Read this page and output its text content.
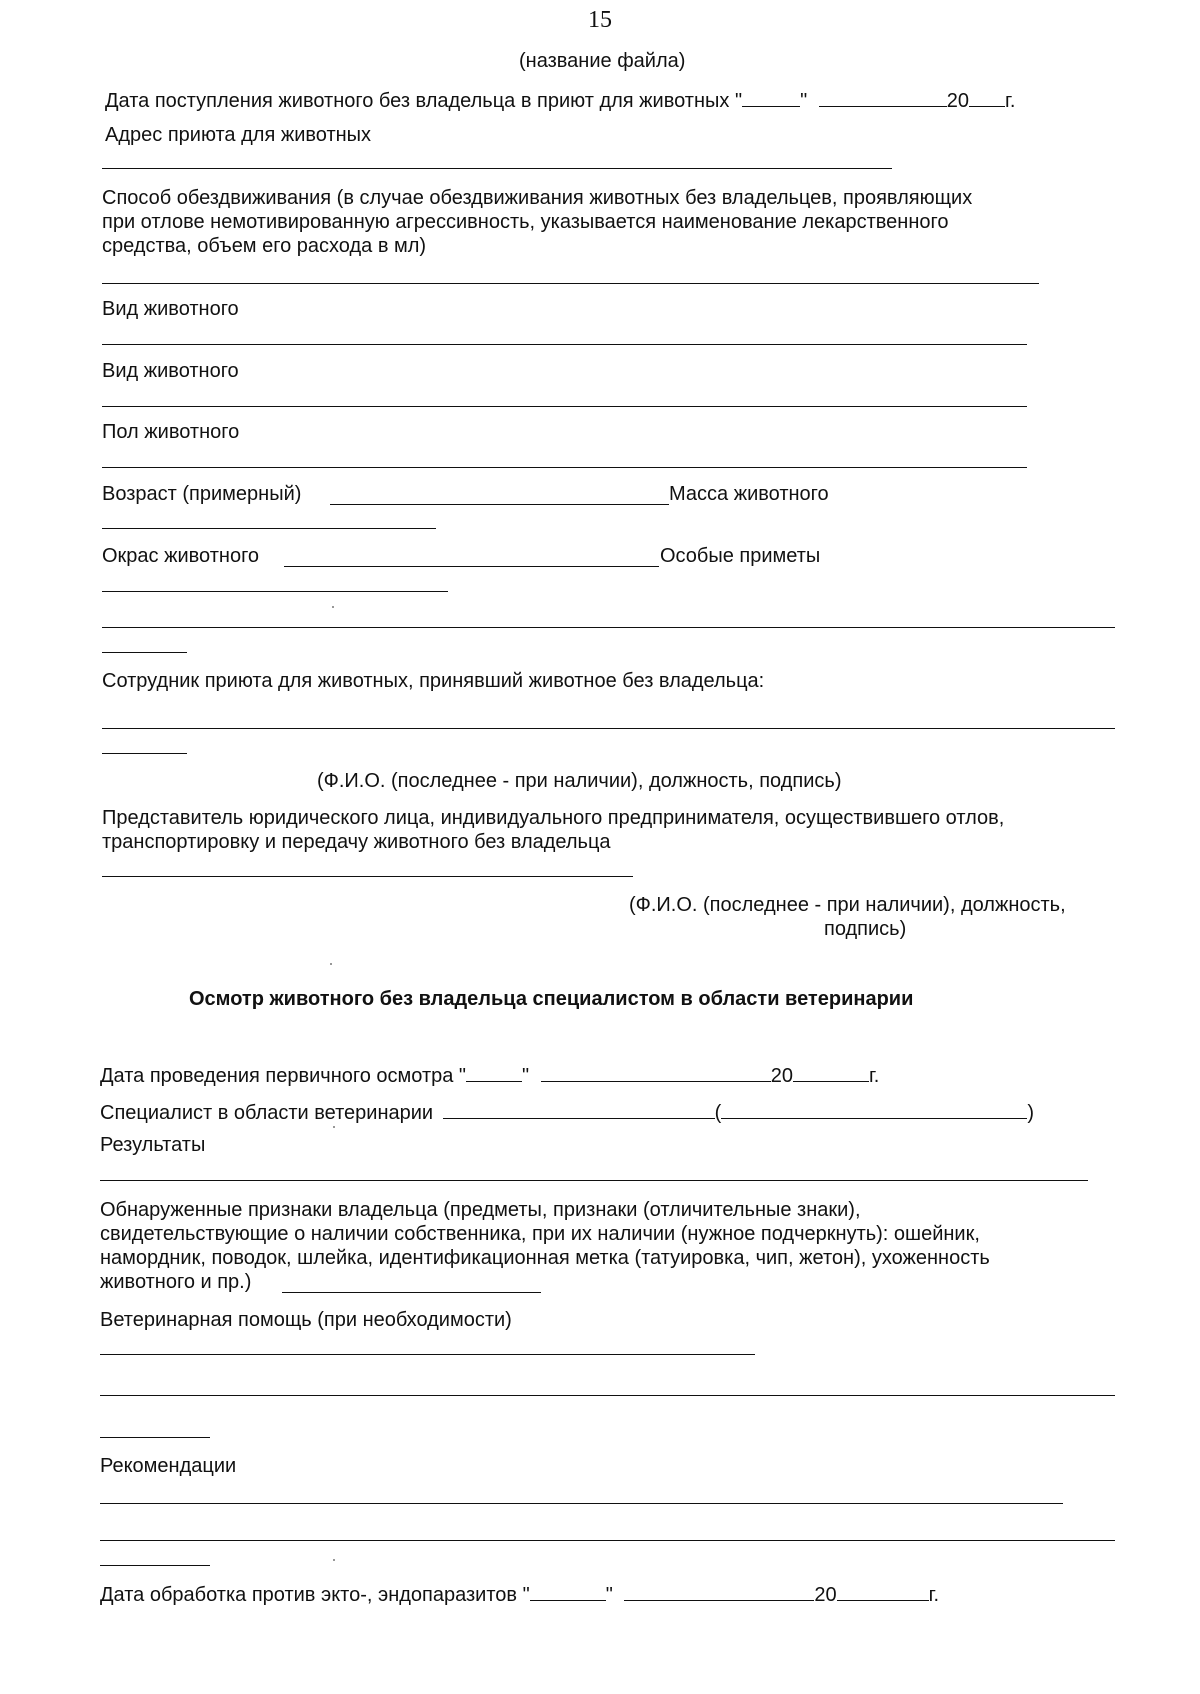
15
(название файла)
Дата поступления животного без владельца в приют для животных "	"	20 г.
Адрес приюта для животных
Способ обездвиживания (в случае обездвиживания животных без владельцев, проявляющих
при отлове немотивированную агрессивность, указывается наименование лекарственного
средства, объем его расхода в мл)
Вид животного
Вид животного
Пол животного
Возраст (примерный)	Масса животного
Окрас животного	Особые приметы
Сотрудник приюта для животных, принявший животное без владельца:
(Ф.И.О. (последнее - при наличии), должность, подпись)
Представитель юридического лица, индивидуального предпринимателя, осуществившего отлов,
транспортировку и передачу животного без владельца
(Ф.И.О. (последнее - при наличии), должность,
подпись)
Осмотр животного без владельца специалистом в области ветеринарии
Дата проведения первичного осмотра "	"	20	г.
Специалист в области ветеринарии	(	)
Результаты
Обнаруженные признаки владельца (предметы, признаки (отличительные знаки),
свидетельствующие о наличии собственника, при их наличии (нужное подчеркнуть): ошейник,
намордник, поводок, шлейка, идентификационная метка (татуировка, чип, жетон), ухоженность
животного и пр.)
Ветеринарная помощь (при необходимости)
Рекомендации
Дата обработка против экто-, эндопаразитов "	"	20	г.
